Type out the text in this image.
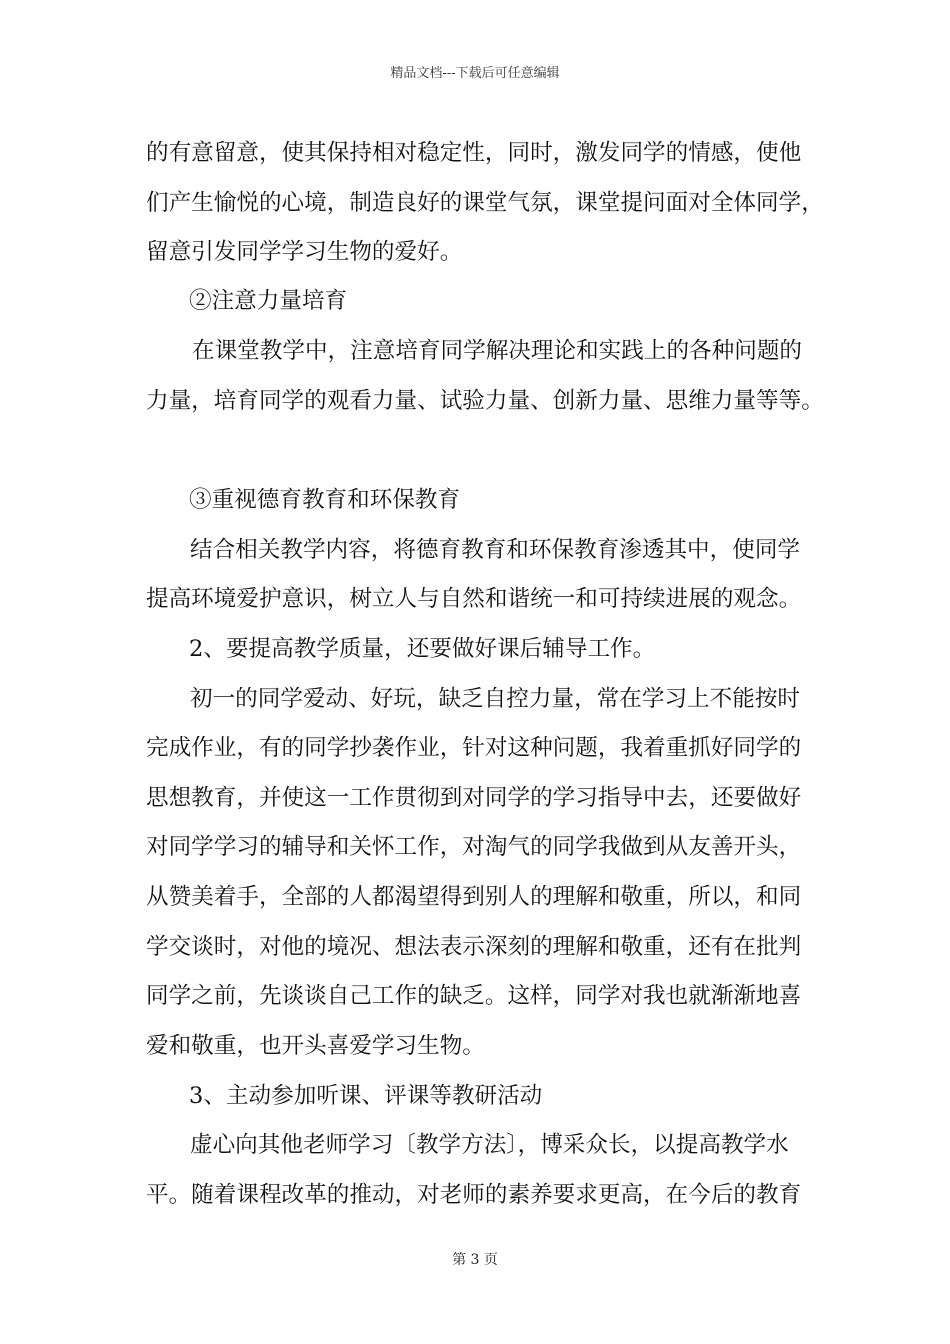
精品文档---下载后可任意编辑
的有意留意，使其保持相对稳定性，同时，激发同学的情感，使他
们产生愉悦的心境，制造良好的课堂气氛，课堂提问面对全体同学，
留意引发同学学习生物的爱好。
②注意力量培育
在课堂教学中，注意培育同学解决理论和实践上的各种问题的
力量，培育同学的观看力量、试验力量、创新力量、思维力量等等。
③重视德育教育和环保教育
结合相关教学内容，将德育教育和环保教育渗透其中，使同学
提高环境爱护意识，树立人与自然和谐统一和可持续进展的观念。
2、要提高教学质量，还要做好课后辅导工作。
初一的同学爱动、好玩，缺乏自控力量，常在学习上不能按时
完成作业，有的同学抄袭作业，针对这种问题，我着重抓好同学的
思想教育，并使这一工作贯彻到对同学的学习指导中去，还要做好
对同学学习的辅导和关怀工作，对淘气的同学我做到从友善开头，
从赞美着手，全部的人都渴望得到别人的理解和敬重，所以，和同
学交谈时，对他的境况、想法表示深刻的理解和敬重，还有在批判
同学之前，先谈谈自己工作的缺乏。这样，同学对我也就渐渐地喜
爱和敬重，也开头喜爱学习生物。
3、主动参加听课、评课等教研活动
虚心向其他老师学习〔教学方法〕，博采众长，以提高教学水
平。随着课程改革的推动，对老师的素养要求更高，在今后的教育
第 3 页
